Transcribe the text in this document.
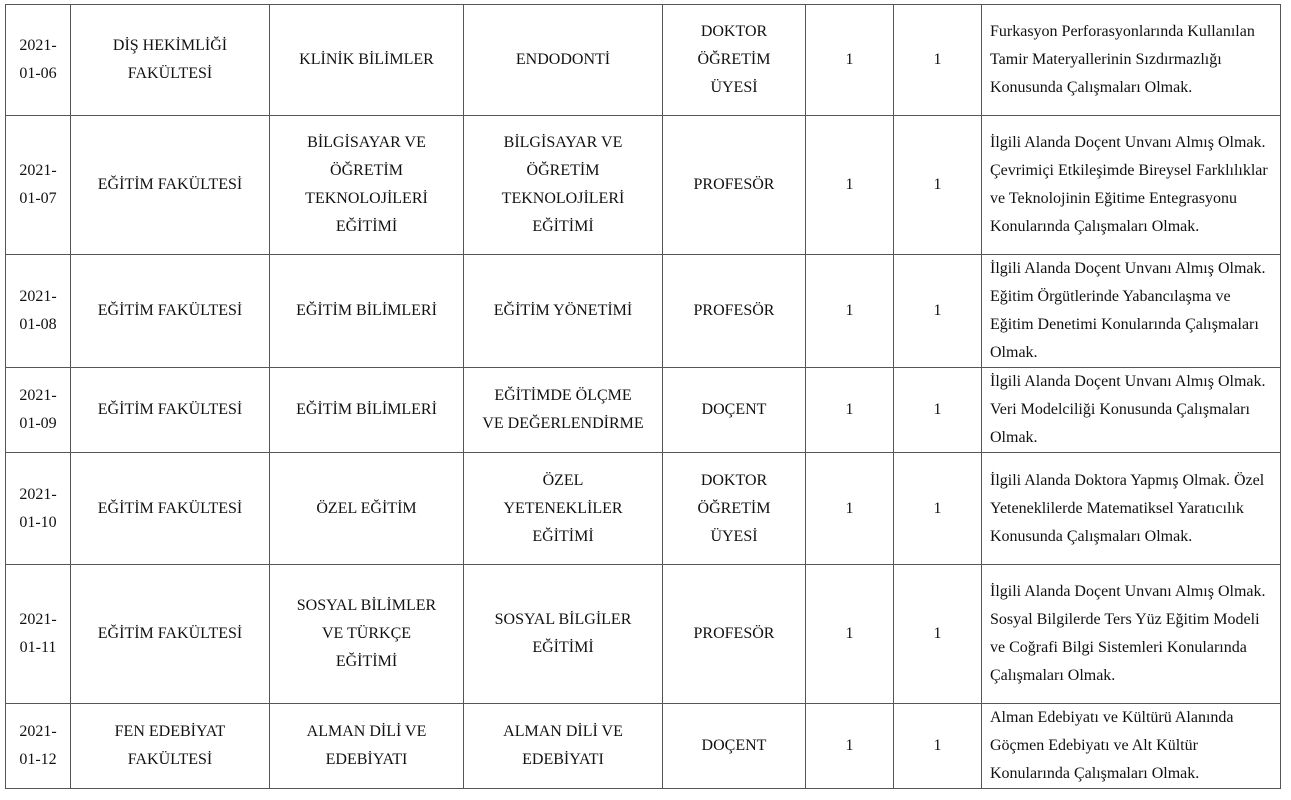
2021-
01-06	DİŞ HEKİMLİĞİ
FAKÜLTESİ	KLİNİK BİLİMLER	ENDODONTİ	DOKTOR
ÖĞRETİM
ÜYESİ	1	1	Furkasyon Perforasyonlarında Kullanılan Tamir Materyallerinin Sızdırmazlığı Konusunda Çalışmaları Olmak.

2021-
01-07	EĞİTİM FAKÜLTESİ	BİLGİSAYAR VE
ÖĞRETİM
TEKNOLOJİLERİ
EĞİTİMİ	BİLGİSAYAR VE
ÖĞRETİM
TEKNOLOJİLERİ
EĞİTİMİ	PROFESÖR	1	1	İlgili Alanda Doçent Unvanı Almış Olmak. Çevrimiçi Etkileşimde Bireysel Farklılıklar ve Teknolojinin Eğitime Entegrasyonu Konularında Çalışmaları Olmak.

2021-
01-08	EĞİTİM FAKÜLTESİ	EĞİTİM BİLİMLERİ	EĞİTİM YÖNETİMİ	PROFESÖR	1	1	İlgili Alanda Doçent Unvanı Almış Olmak. Eğitim Örgütlerinde Yabancılaşma ve Eğitim Denetimi Konularında Çalışmaları Olmak.

2021-
01-09	EĞİTİM FAKÜLTESİ	EĞİTİM BİLİMLERİ	EĞİTİMDE ÖLÇME
VE DEĞERLENDİRME	DOÇENT	1	1	İlgili Alanda Doçent Unvanı Almış Olmak. Veri Modelciliği Konusunda Çalışmaları Olmak.

2021-
01-10	EĞİTİM FAKÜLTESİ	ÖZEL EĞİTİM	ÖZEL
YETENEKLİLER
EĞİTİMİ	DOKTOR
ÖĞRETİM
ÜYESİ	1	1	İlgili Alanda Doktora Yapmış Olmak. Özel Yeteneklilerde Matematiksel Yaratıcılık Konusunda Çalışmaları Olmak.

2021-
01-11	EĞİTİM FAKÜLTESİ	SOSYAL BİLİMLER
VE TÜRKÇE
EĞİTİMİ	SOSYAL BİLGİLER
EĞİTİMİ	PROFESÖR	1	1	İlgili Alanda Doçent Unvanı Almış Olmak. Sosyal Bilgilerde Ters Yüz Eğitim Modeli ve Coğrafi Bilgi Sistemleri Konularında Çalışmaları Olmak.

2021-
01-12	FEN EDEBİYAT
FAKÜLTESİ	ALMAN DİLİ VE
EDEBİYATI	ALMAN DİLİ VE
EDEBİYATI	DOÇENT	1	1	Alman Edebiyatı ve Kültürü Alanında Göçmen Edebiyatı ve Alt Kültür Konularında Çalışmaları Olmak.
